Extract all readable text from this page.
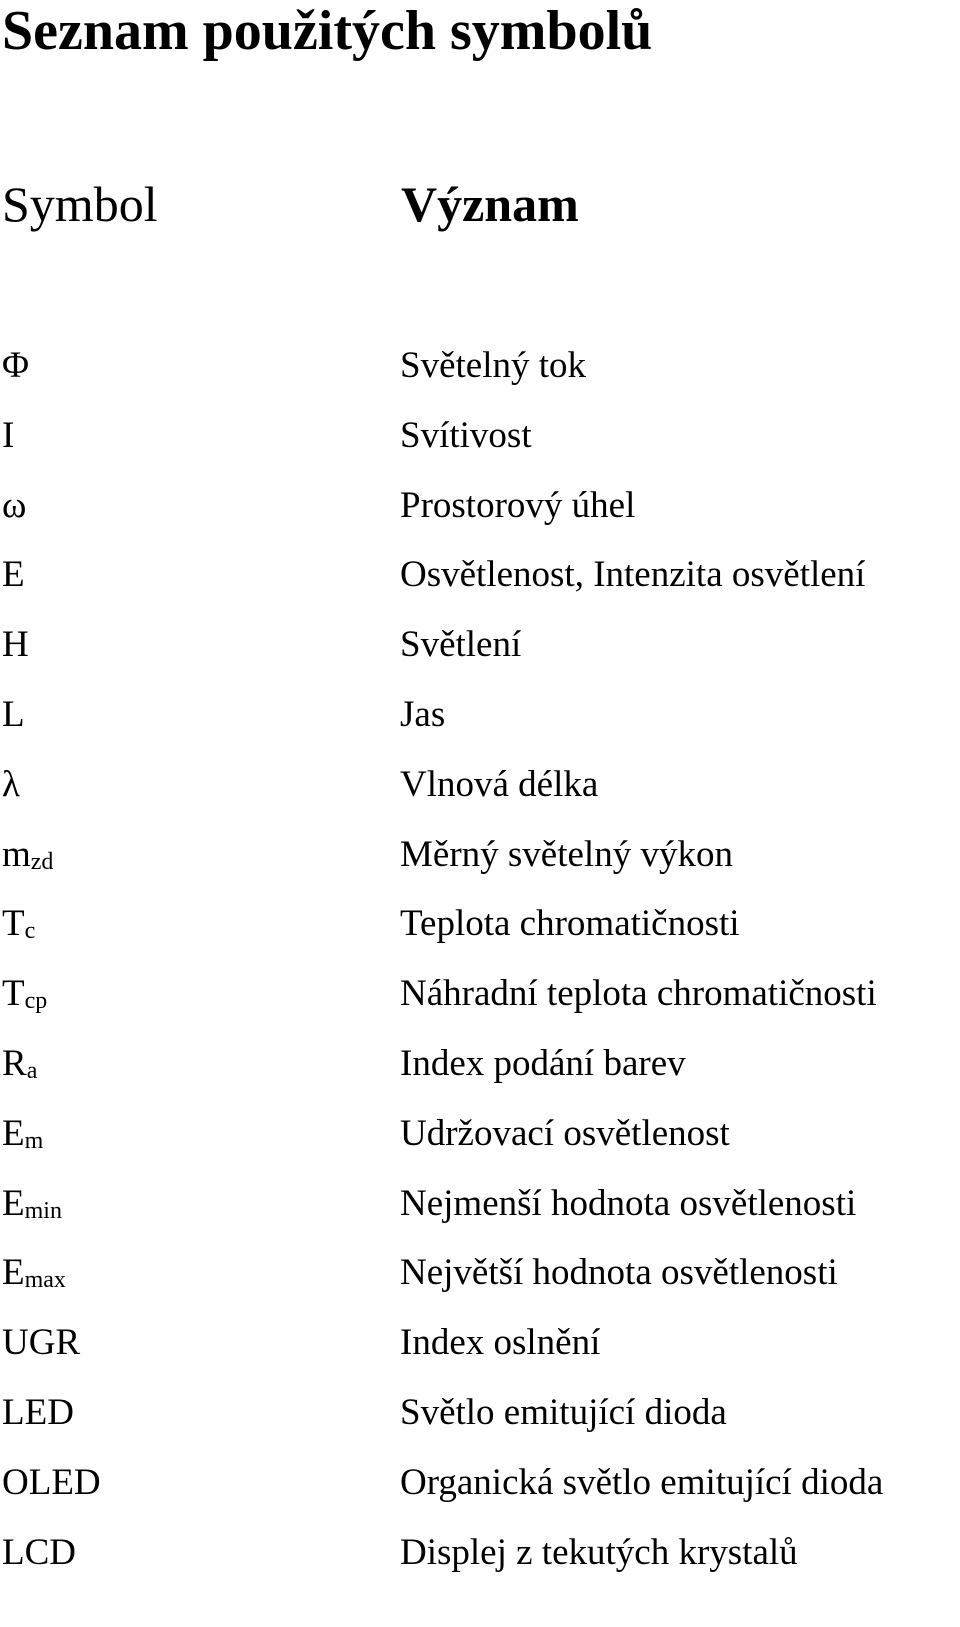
Seznam použitých symbolů
Symbol	Význam
Φ	Světelný tok
I	Svítivost
ω	Prostorový úhel
E	Osvětlenost, Intenzita osvětlení
H	Světlení
L	Jas
λ	Vlnová délka
$m_{zd}$	Měrný světelný výkon
$T_c$	Teplota chromatičnosti
$T_{cp}$	Náhradní teplota chromatičnosti
$R_a$	Index podání barev
$E_m$	Udržovací osvětlenost
$E_{min}$	Nejmenší hodnota osvětlenosti
$E_{max}$	Největší hodnota osvětlenosti
UGR	Index oslnění
LED	Světlo emitující dioda
OLED	Organická světlo emitující dioda
LCD	Displej z tekutých krystalů
